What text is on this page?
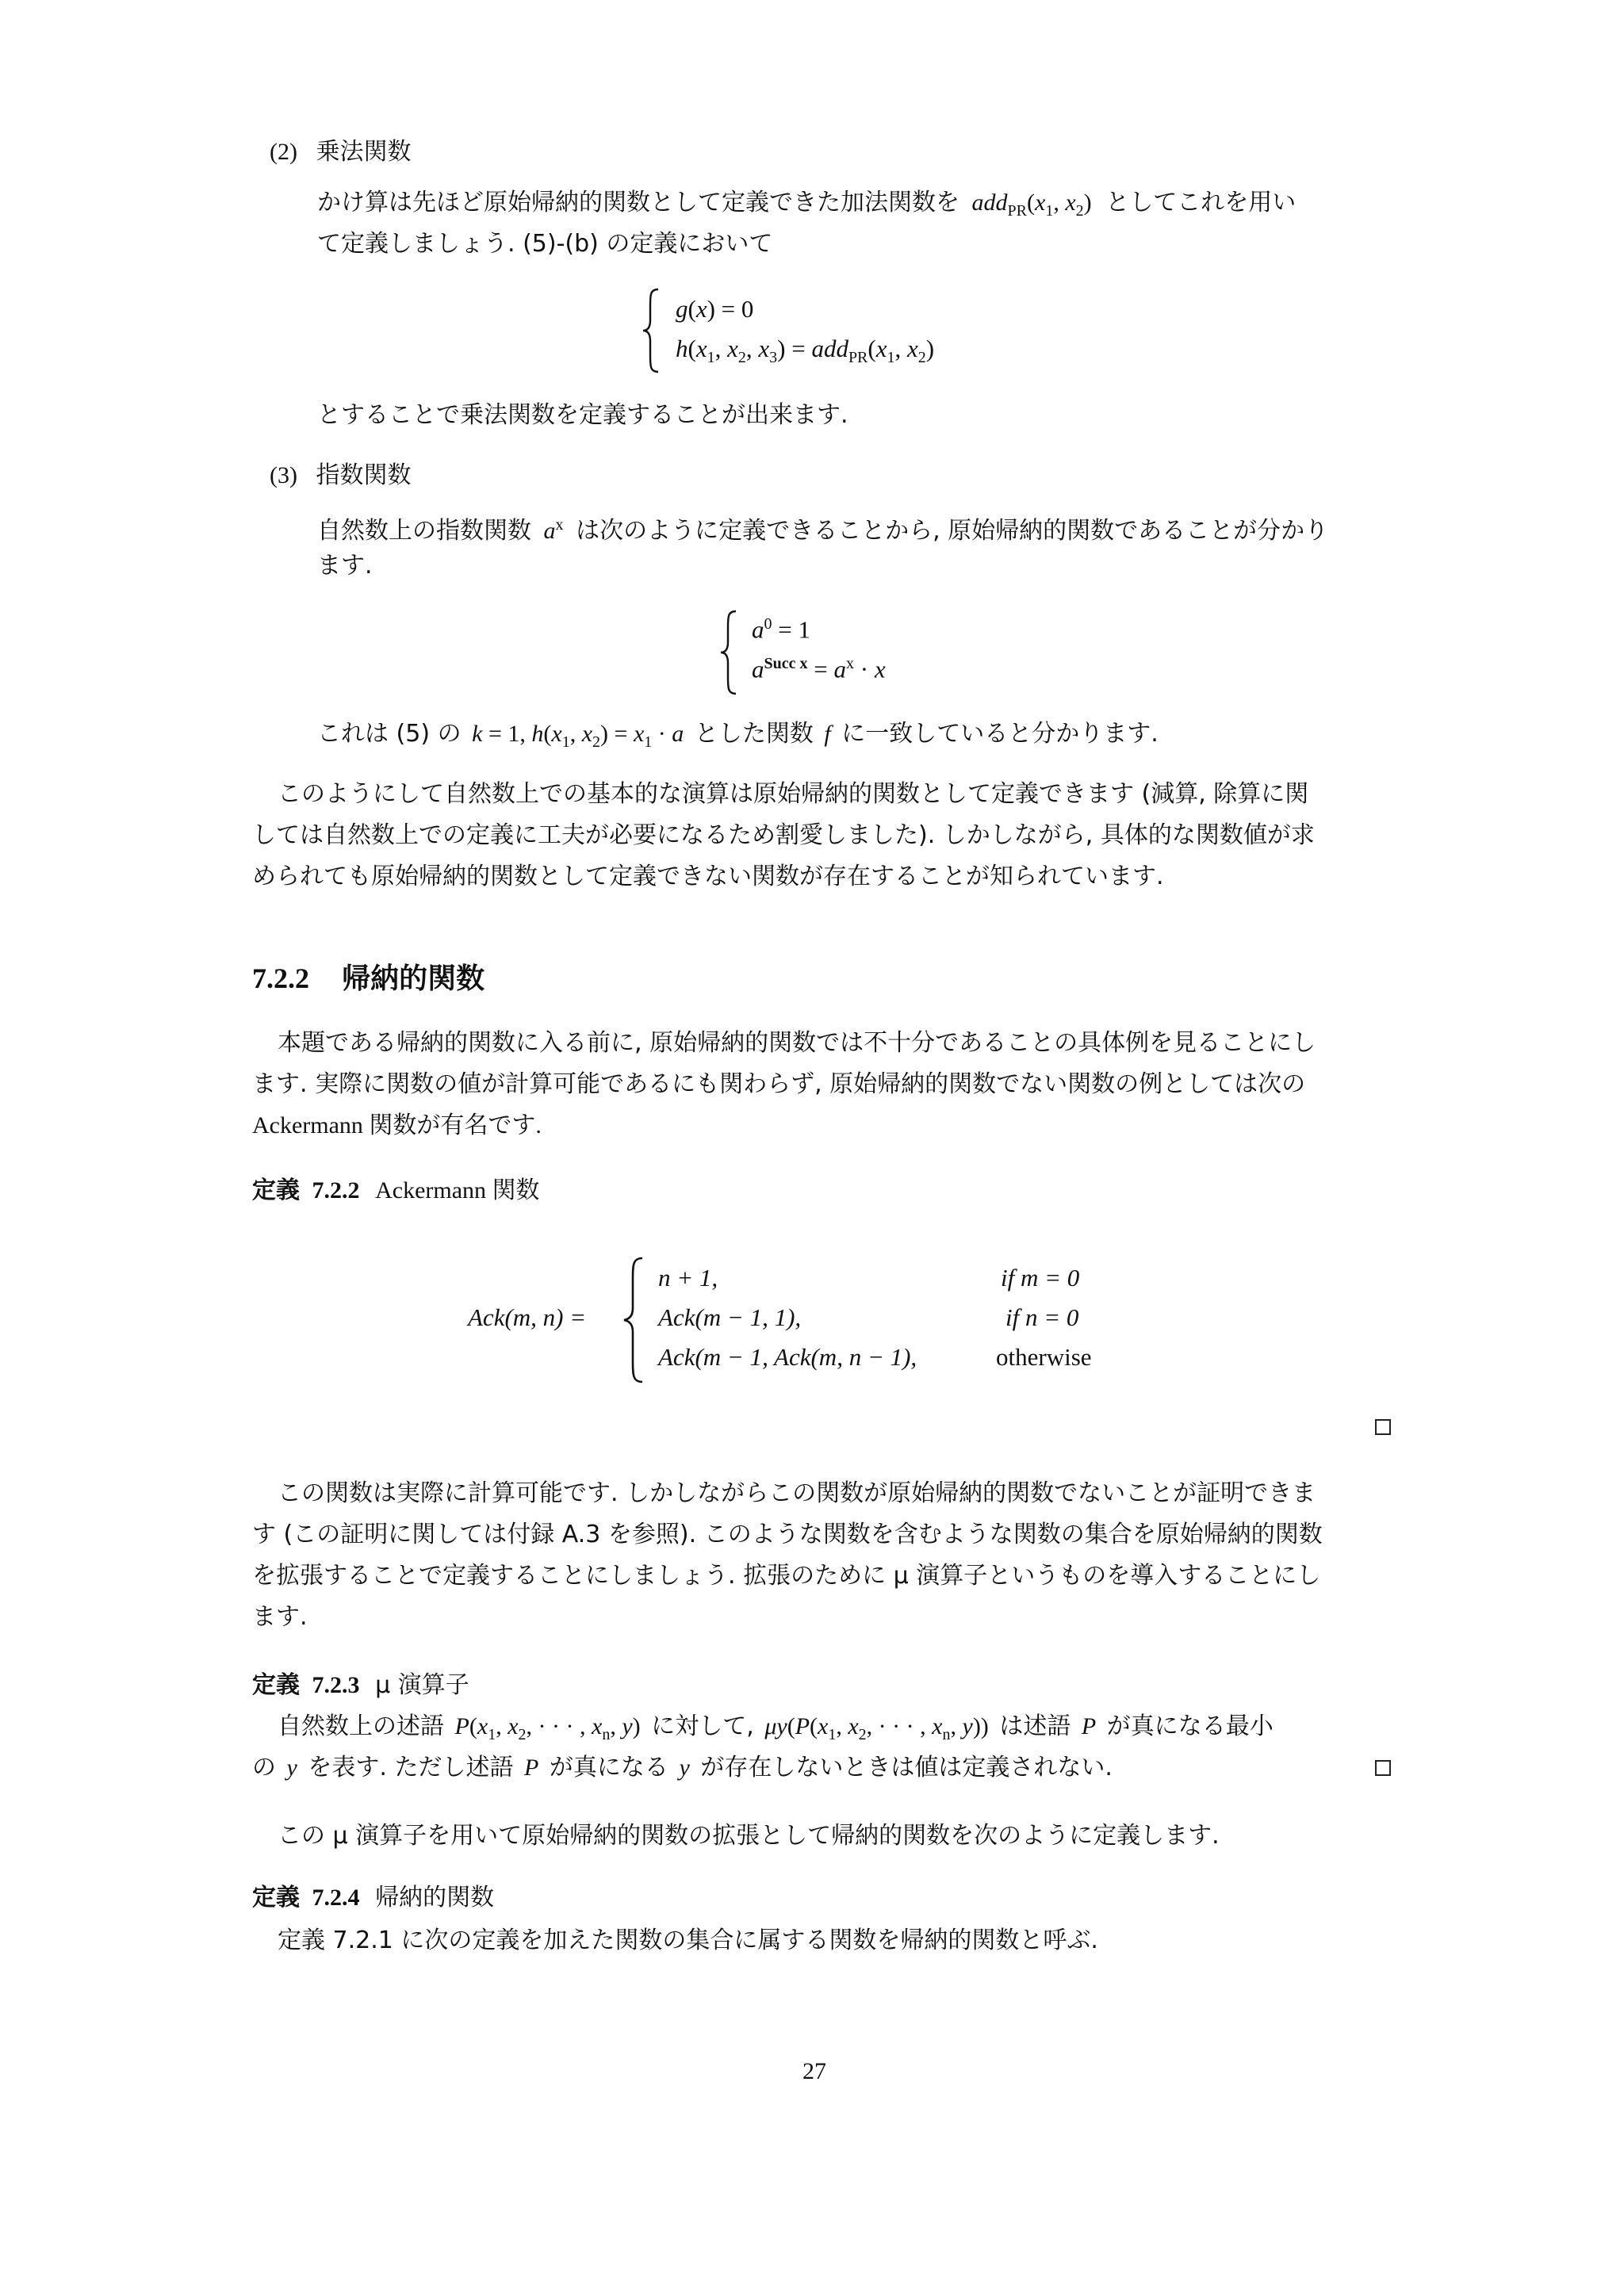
(2) 乗法関数
かけ算は先ほど原始帰納的関数として定義できた加法関数を $add_{PR}(x_1$, $x_2$) としてこれを用い
て定義しましょう. (5)-(b) の定義において
g(x) = 0
$h(x_1$, $x_2$, $x_3) = add_{PR}(x_1$, $x_2$)
とすることで乗法関数を定義することが出来ます.
(3) 指数関数
自然数上の指数関数 $a^x$ は次のように定義できることから, 原始帰納的関数であることが分かり
ます.
$a^0 = 1$
$a^{Succ x} = a^x \cdot x$
これは (5) の k = 1, $h(x_1$, $x_2) = x_1 \cdot a$ とした関数 f に一致していると分かります.
このようにして自然数上での基本的な演算は原始帰納的関数として定義できます (減算, 除算に関
しては自然数上での定義に工夫が必要になるため割愛しました). しかしながら, 具体的な関数値が求
められても原始帰納的関数として定義できない関数が存在することが知られています.
7.2.2 帰納的関数
本題である帰納的関数に入る前に, 原始帰納的関数では不十分であることの具体例を見ることにし
ます. 実際に関数の値が計算可能であるにも関わらず, 原始帰納的関数でない関数の例としては次の
Ackermann 関数が有名です.
定義 7.2.2 Ackermann 関数
Ack(m, n) =
n + 1,	if m = 0
Ack(m − 1, 1),	if n = 0
Ack(m − 1, Ack(m, n − 1),	otherwise
この関数は実際に計算可能です. しかしながらこの関数が原始帰納的関数でないことが証明できま
す (この証明に関しては付録 A.3 を参照). このような関数を含むような関数の集合を原始帰納的関数
を拡張することで定義することにしましょう. 拡張のために μ 演算子というものを導入することにし
ます.
定義 7.2.3 μ 演算子
自然数上の述語 $P(x_1$, $x_2$, · · · , $x_n$, y) に対して, $\mu y(P(x_1$, $x_2$, · · · , $x_n$, y)) は述語 P が真になる最小
の y を表す. ただし述語 P が真になる y が存在しないときは値は定義されない.
この μ 演算子を用いて原始帰納的関数の拡張として帰納的関数を次のように定義します.
定義 7.2.4 帰納的関数
定義 7.2.1 に次の定義を加えた関数の集合に属する関数を帰納的関数と呼ぶ.
27
